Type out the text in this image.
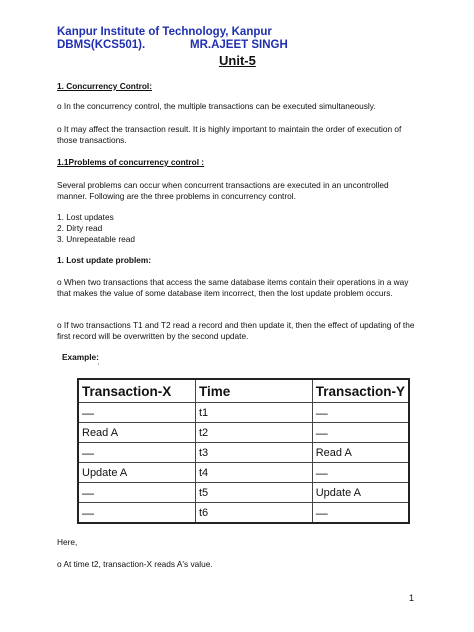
Kanpur Institute of Technology, Kanpur
DBMS(KCS501).	MR.AJEET SINGH
Unit-5
1. Concurrency Control:
o In the concurrency control, the multiple transactions can be executed simultaneously.
o It may affect the transaction result. It is highly important to maintain the order of execution of those transactions.
1.1Problems of concurrency control :
Several problems can occur when concurrent transactions are executed in an uncontrolled manner. Following are the three problems in concurrency control.
1. Lost updates
2. Dirty read
3. Unrepeatable read
1. Lost update problem:
o When two transactions that access the same database items contain their operations in a way that makes the value of some database item incorrect, then the lost update problem occurs.
o If two transactions T1 and T2 read a record and then update it, then the effect of updating of the first record will be overwritten by the second update.
Example:
'
Transaction-X	Time	Transaction-Y
—	t1	—
Read A	t2	—
—	t3	Read A
Update A	t4	—
—	t5	Update A
—	t6	—
Here,
o At time t2, transaction-X reads A's value.
1
